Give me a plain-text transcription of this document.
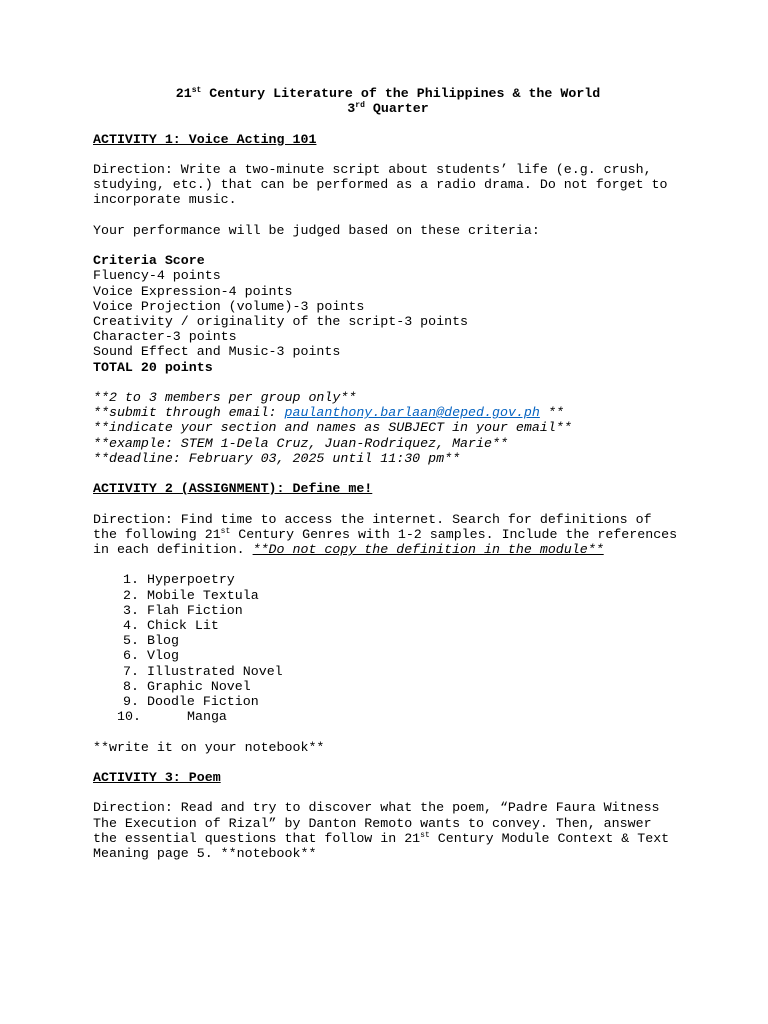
21st Century Literature of the Philippines & the World
3rd Quarter
ACTIVITY 1: Voice Acting 101

Direction: Write a two-minute script about students’ life (e.g. crush, studying, etc.) that can be performed as a radio drama. Do not forget to incorporate music.

Your performance will be judged based on these criteria:

Criteria Score
Fluency-4 points
Voice Expression-4 points
Voice Projection (volume)-3 points
Creativity / originality of the script-3 points
Character-3 points
Sound Effect and Music-3 points
TOTAL 20 points
**2 to 3 members per group only**
**submit through email: paulanthony.barlaan@deped.gov.ph **
**indicate your section and names as SUBJECT in your email**
**example: STEM 1-Dela Cruz, Juan-Rodriquez, Marie**
**deadline: February 03, 2025 until 11:30 pm**
ACTIVITY 2 (ASSIGNMENT): Define me!

Direction: Find time to access the internet. Search for definitions of the following 21st Century Genres with 1-2 samples. Include the references in each definition. **Do not copy the definition in the module**

1. Hyperpoetry
2. Mobile Textula
3. Flah Fiction
4. Chick Lit
5. Blog
6. Vlog
7. Illustrated Novel
8. Graphic Novel
9. Doodle Fiction
10.	Manga
**write it on your notebook**
ACTIVITY 3: Poem

Direction: Read and try to discover what the poem, “Padre Faura Witness The Execution of Rizal” by Danton Remoto wants to convey. Then, answer the essential questions that follow in 21st Century Module Context & Text Meaning page 5. **notebook**
